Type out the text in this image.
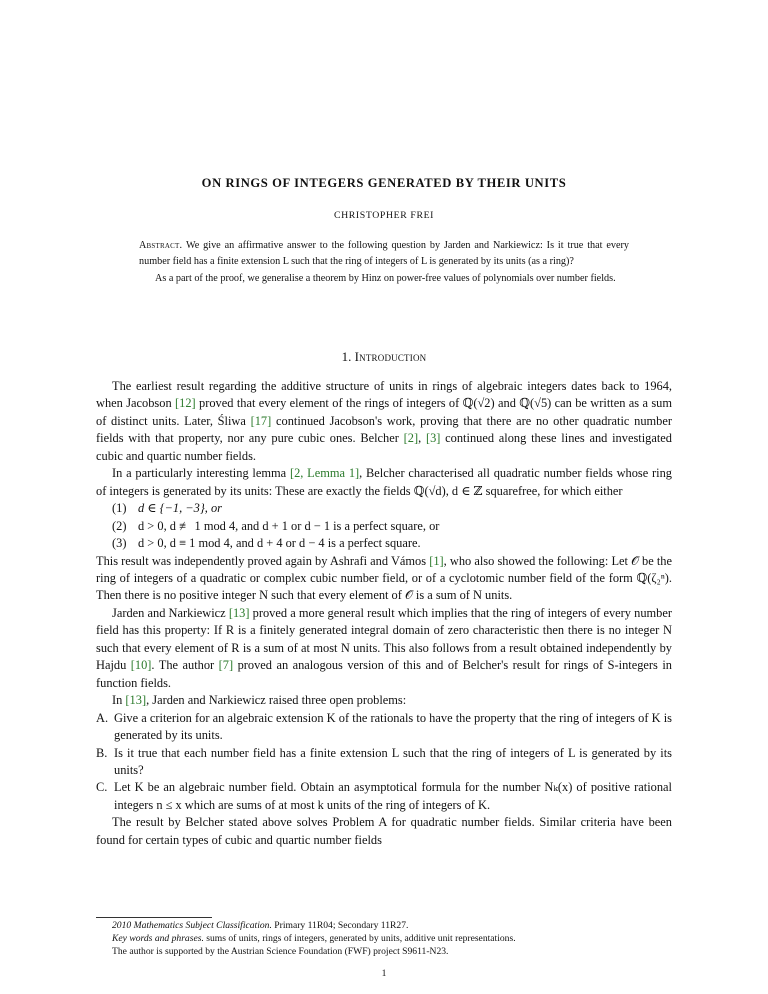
ON RINGS OF INTEGERS GENERATED BY THEIR UNITS
CHRISTOPHER FREI

Abstract. We give an affirmative answer to the following question by Jarden and Narkiewicz: Is it true that every number field has a finite extension L such that the ring of integers of L is generated by its units (as a ring)?

As a part of the proof, we generalise a theorem by Hinz on power-free values of polynomials over number fields.

1. Introduction

The earliest result regarding the additive structure of units in rings of algebraic integers dates back to 1964, when Jacobson [12] proved that every element of the rings of integers of ℚ(√2) and ℚ(√5) can be written as a sum of distinct units. Later, Śliwa [17] continued Jacobson's work, proving that there are no other quadratic number fields with that property, nor any pure cubic ones. Belcher [2], [3] continued along these lines and investigated cubic and quartic number fields.

In a particularly interesting lemma [2, Lemma 1], Belcher characterised all quadratic number fields whose ring of integers is generated by its units: These are exactly the fields ℚ(√d), d ∈ ℤ squarefree, for which either

(1) d ∈ {−1, −3}, or
(2) d > 0, d ≢ 1 mod 4, and d + 1 or d − 1 is a perfect square, or
(3) d > 0, d ≡ 1 mod 4, and d + 4 or d − 4 is a perfect square.

This result was independently proved again by Ashrafi and Vámos [1], who also showed the following: Let 𝒪 be the ring of integers of a quadratic or complex cubic number field, or of a cyclotomic number field of the form ℚ(ζ₂ⁿ). Then there is no positive integer N such that every element of 𝒪 is a sum of N units.

Jarden and Narkiewicz [13] proved a more general result which implies that the ring of integers of every number field has this property: If R is a finitely generated integral domain of zero characteristic then there is no integer N such that every element of R is a sum of at most N units. This also follows from a result obtained independently by Hajdu [10]. The author [7] proved an analogous version of this and of Belcher's result for rings of S-integers in function fields.

In [13], Jarden and Narkiewicz raised three open problems:

A. Give a criterion for an algebraic extension K of the rationals to have the property that the ring of integers of K is generated by its units.
B. Is it true that each number field has a finite extension L such that the ring of integers of L is generated by its units?
C. Let K be an algebraic number field. Obtain an asymptotical formula for the number Nₖ(x) of positive rational integers n ≤ x which are sums of at most k units of the ring of integers of K.

The result by Belcher stated above solves Problem A for quadratic number fields. Similar criteria have been found for certain types of cubic and quartic number fields

2010 Mathematics Subject Classification. Primary 11R04; Secondary 11R27.

Key words and phrases. sums of units, rings of integers, generated by units, additive unit representations.

The author is supported by the Austrian Science Foundation (FWF) project S9611-N23.

1
